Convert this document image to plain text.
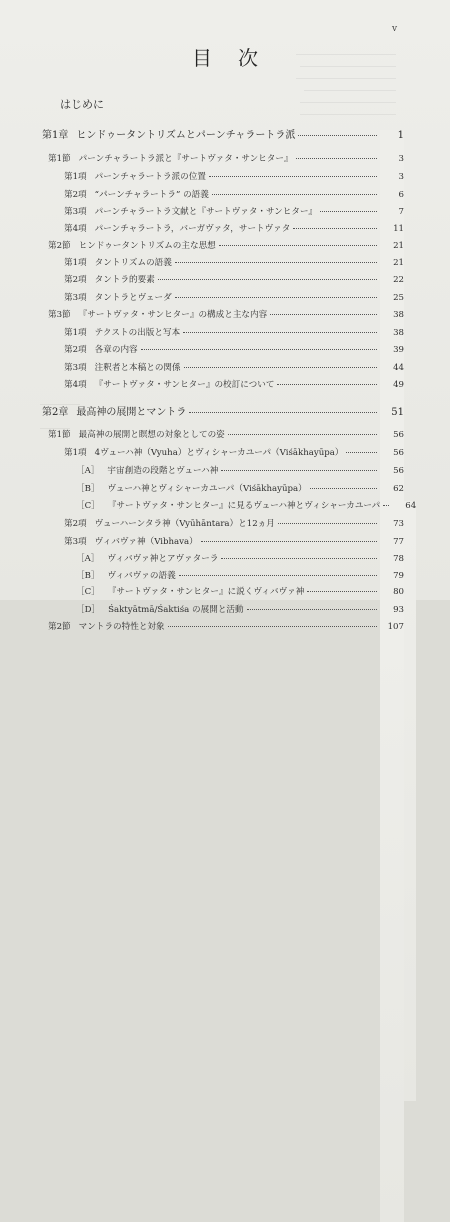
v
目次
はじめに
第1章 ヒンドゥータントリズムとパーンチャラートラ派	1
第1節 パーンチャラートラ派と『サートヴァタ・サンヒター』	3
第1項 パーンチャラートラ派の位置	3
第2項 “パーンチャラートラ” の語義	6
第3項 パーンチャラートラ文献と『サートヴァタ・サンヒター』	7
第4項 パーンチャラートラ，バーガヴァタ，サートヴァタ	11
第2節 ヒンドゥータントリズムの主な思想	21
第1項 タントリズムの語義	21
第2項 タントラ的要素	22
第3項 タントラとヴェーダ	25
第3節 『サートヴァタ・サンヒター』の構成と主な内容	38
第1項 テクストの出版と写本	38
第2項 各章の内容	39
第3項 注釈者と本稿との関係	44
第4項 『サートヴァタ・サンヒター』の校訂について	49
第2章 最高神の展開とマントラ	51
第1節 最高神の展開と瞑想の対象としての姿	56
第1項 4ヴューハ神（Vyuha）とヴィシャーカユーパ（Viśākhayūpa）	56
［A］ 宇宙創造の段階とヴューハ神	56
［B］ ヴューハ神とヴィシャーカユーパ（Viśākhayūpa）	62
［C］ 『サートヴァタ・サンヒター』に見るヴューハ神とヴィシャーカユーパ	64
第2項 ヴューハーンタラ神（Vyūhāntara）と12ヵ月	73
第3項 ヴィバヴァ神（Vibhava）	77
［A］ ヴィバヴァ神とアヴァターラ	78
［B］ ヴィバヴァの語義	79
［C］ 『サートヴァタ・サンヒター』に説くヴィバヴァ神	80
［D］ Śaktyātmā/Śaktiśa の展開と活動	93
第2節 マントラの特性と対象	107
